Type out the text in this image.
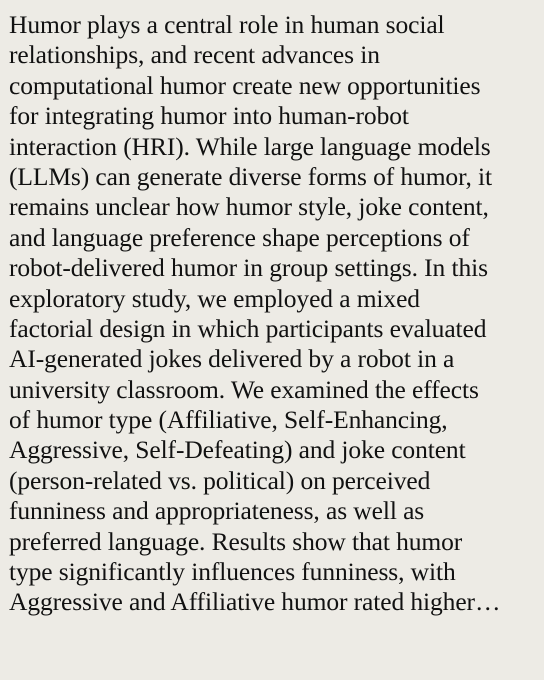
Humor plays a central role in human social
relationships, and recent advances in
computational humor create new opportunities
for integrating humor into human-robot
interaction (HRI). While large language models
(LLMs) can generate diverse forms of humor, it
remains unclear how humor style, joke content,
and language preference shape perceptions of
robot-delivered humor in group settings. In this
exploratory study, we employed a mixed
factorial design in which participants evaluated
AI-generated jokes delivered by a robot in a
university classroom. We examined the effects
of humor type (Affiliative, Self-Enhancing,
Aggressive, Self-Defeating) and joke content
(person-related vs. political) on perceived
funniness and appropriateness, as well as
preferred language. Results show that humor
type significantly influences funniness, with
Aggressive and Affiliative humor rated higher…
